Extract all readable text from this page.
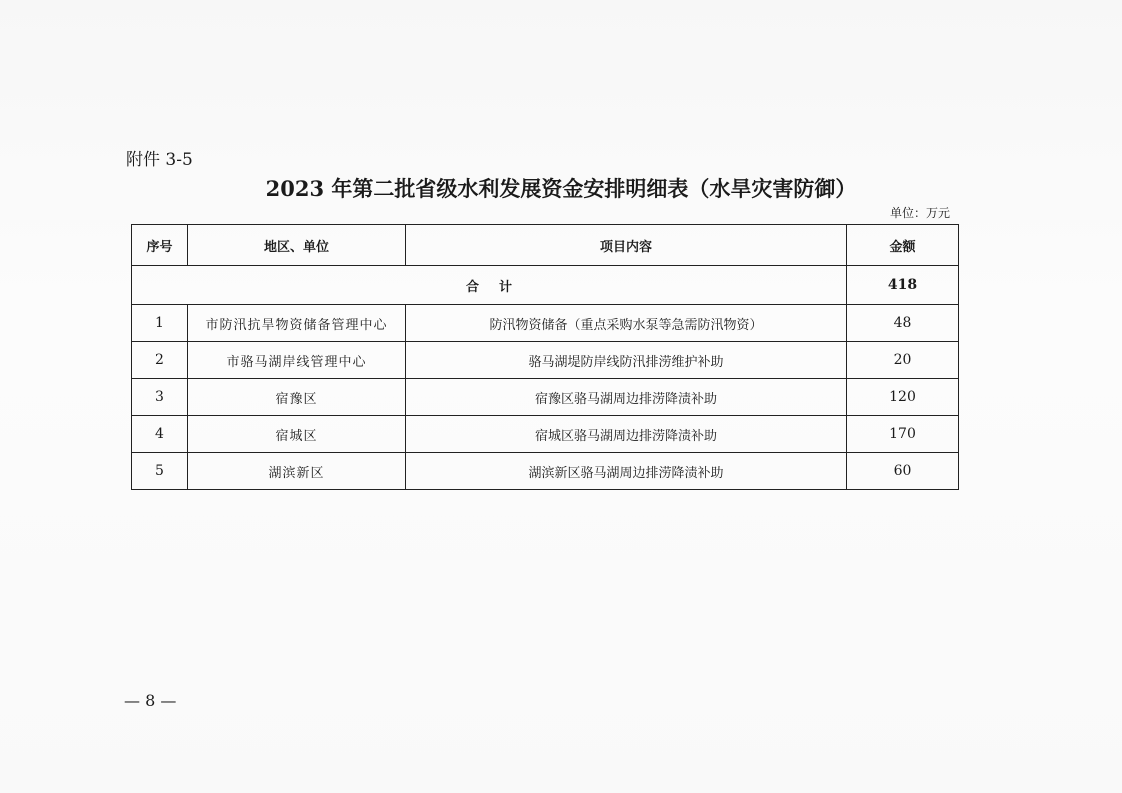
附件 3-5
2023 年第二批省级水利发展资金安排明细表（水旱灾害防御）
单位：万元
序号	地区、单位	项目内容	金额
合计			418
1	市防汛抗旱物资储备管理中心	防汛物资储备（重点采购水泵等急需防汛物资）	48
2	市骆马湖岸线管理中心	骆马湖堤防岸线防汛排涝维护补助	20
3	宿豫区	宿豫区骆马湖周边排涝降渍补助	120
4	宿城区	宿城区骆马湖周边排涝降渍补助	170
5	湖滨新区	湖滨新区骆马湖周边排涝降渍补助	60
— 8 —
